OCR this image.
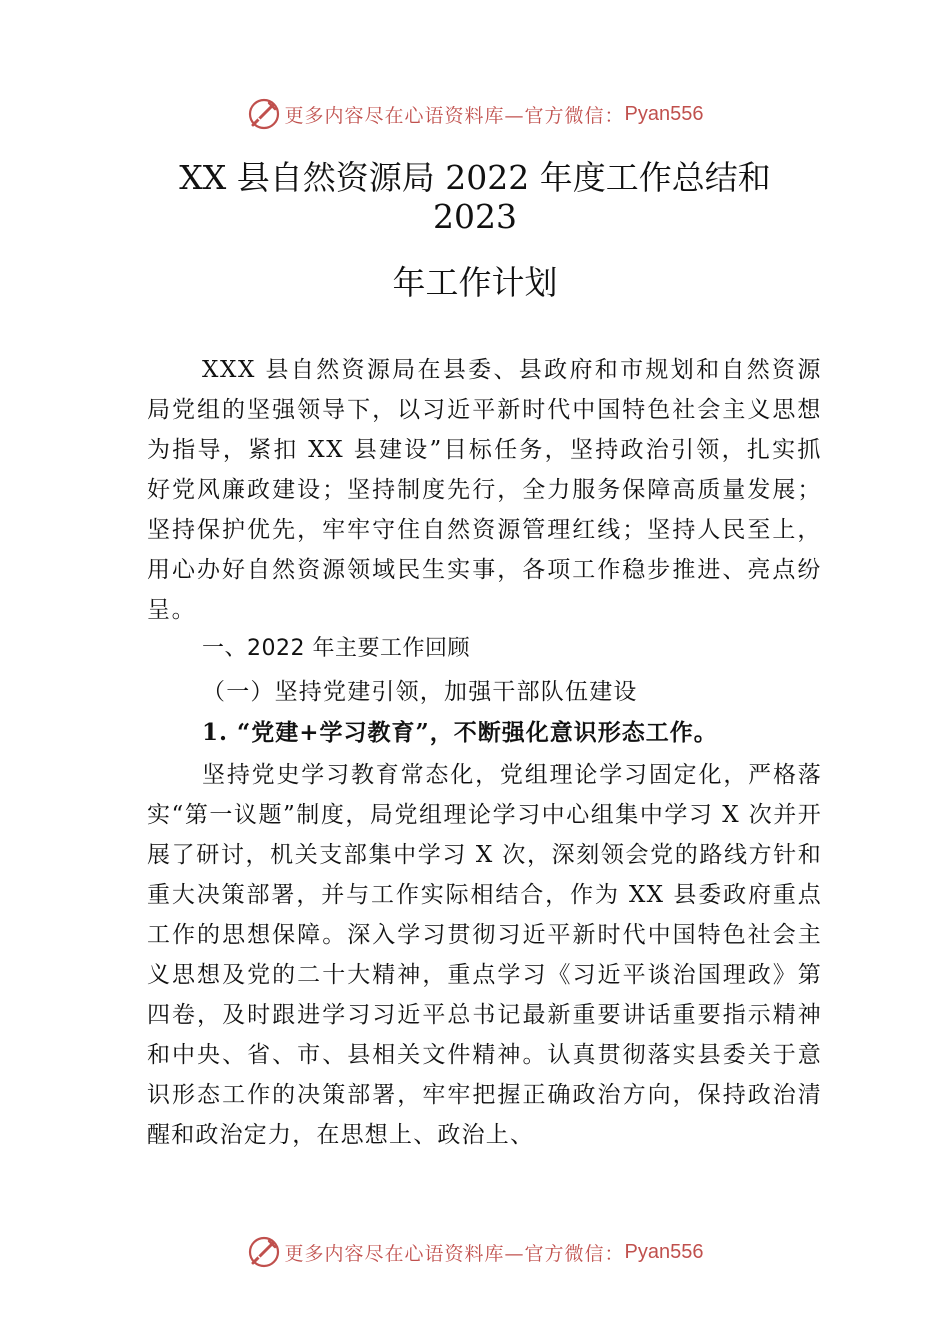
更多内容尽在心语资料库— 官方微信： Pyan556
XX 县自然资源局 2022 年度工作总结和
2023
年工作计划

XXX 县自然资源局在县委、县政府和市规划和自然资源局党组的坚强领导下，以习近平新时代中国特色社会主义思想为指导，紧扣 XX 县建设”目标任务，坚持政治引领，扎实抓好党风廉政建设；坚持制度先行，全力服务保障高质量发展；坚持保护优先，牢牢守住自然资源管理红线；坚持人民至上，用心办好自然资源领域民生实事，各项工作稳步推进、亮点纷呈。

一、2022 年主要工作回顾
（一）坚持党建引领，加强干部队伍建设
1. “党建+学习教育”，不断强化意识形态工作。

坚持党史学习教育常态化，党组理论学习固定化，严格落实“第一议题”制度，局党组理论学习中心组集中学习 X 次并开展了研讨，机关支部集中学习 X 次，深刻领会党的路线方针和重大决策部署，并与工作实际相结合，作为 XX 县委政府重点工作的思想保障。深入学习贯彻习近平新时代中国特色社会主义思想及党的二十大精神，重点学习《习近平谈治国理政》第四卷，及时跟进学习习近平总书记最新重要讲话重要指示精神和中央、省、市、县相关文件精神。认真贯彻落实县委关于意识形态工作的决策部署，牢牢把握正确政治方向，保持政治清醒和政治定力，在思想上、政治上、

更多内容尽在心语资料库— 官方微信： Pyan556
